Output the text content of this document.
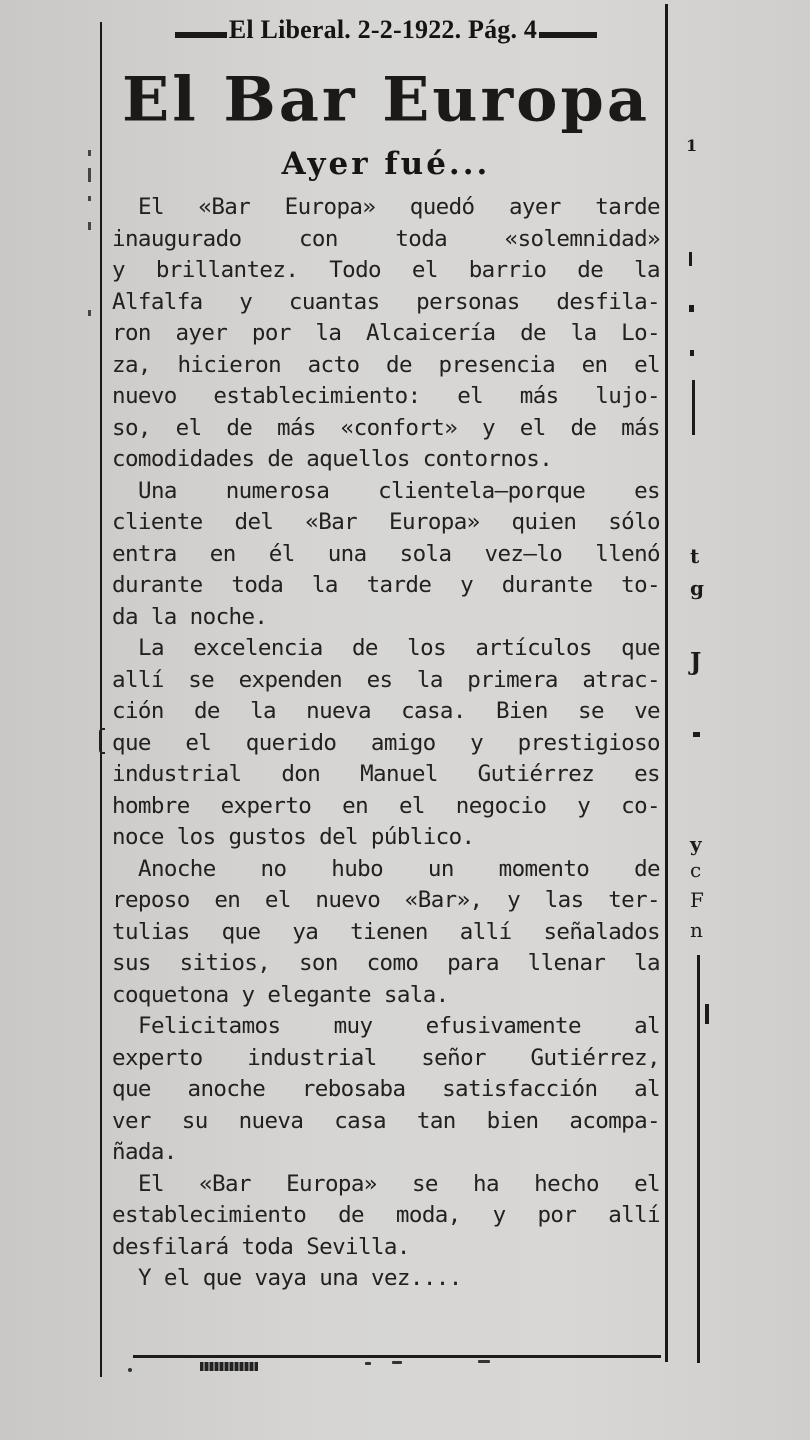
1
t
g
J
y
c
F
n
El Liberal. 2-2-1922. Pág. 4
El Bar Europa
Ayer fué...
El «Bar Europa» quedó ayer tarde
inaugurado con toda «solemnidad»
y brillantez. Todo el barrio de la
Alfalfa y cuantas personas desfila-
ron ayer por la Alcaicería de la Lo-
za, hicieron acto de presencia en el
nuevo establecimiento: el más lujo-
so, el de más «confort» y el de más
comodidades de aquellos contornos.
Una numerosa clientela—porque es
cliente del «Bar Europa» quien sólo
entra en él una sola vez—lo llenó
durante toda la tarde y durante to-
da la noche.
La excelencia de los artículos que
allí se expenden es la primera atrac-
ción de la nueva casa. Bien se ve
que el querido amigo y prestigioso
industrial don Manuel Gutiérrez es
hombre experto en el negocio y co-
noce los gustos del público.
Anoche no hubo un momento de
reposo en el nuevo «Bar», y las ter-
tulias que ya tienen allí señalados
sus sitios, son como para llenar la
coquetona y elegante sala.
Felicitamos muy efusivamente al
experto industrial señor Gutiérrez,
que anoche rebosaba satisfacción al
ver su nueva casa tan bien acompa-
ñada.
El «Bar Europa» se ha hecho el
establecimiento de moda, y por allí
desfilará toda Sevilla.
Y el que vaya una vez....
